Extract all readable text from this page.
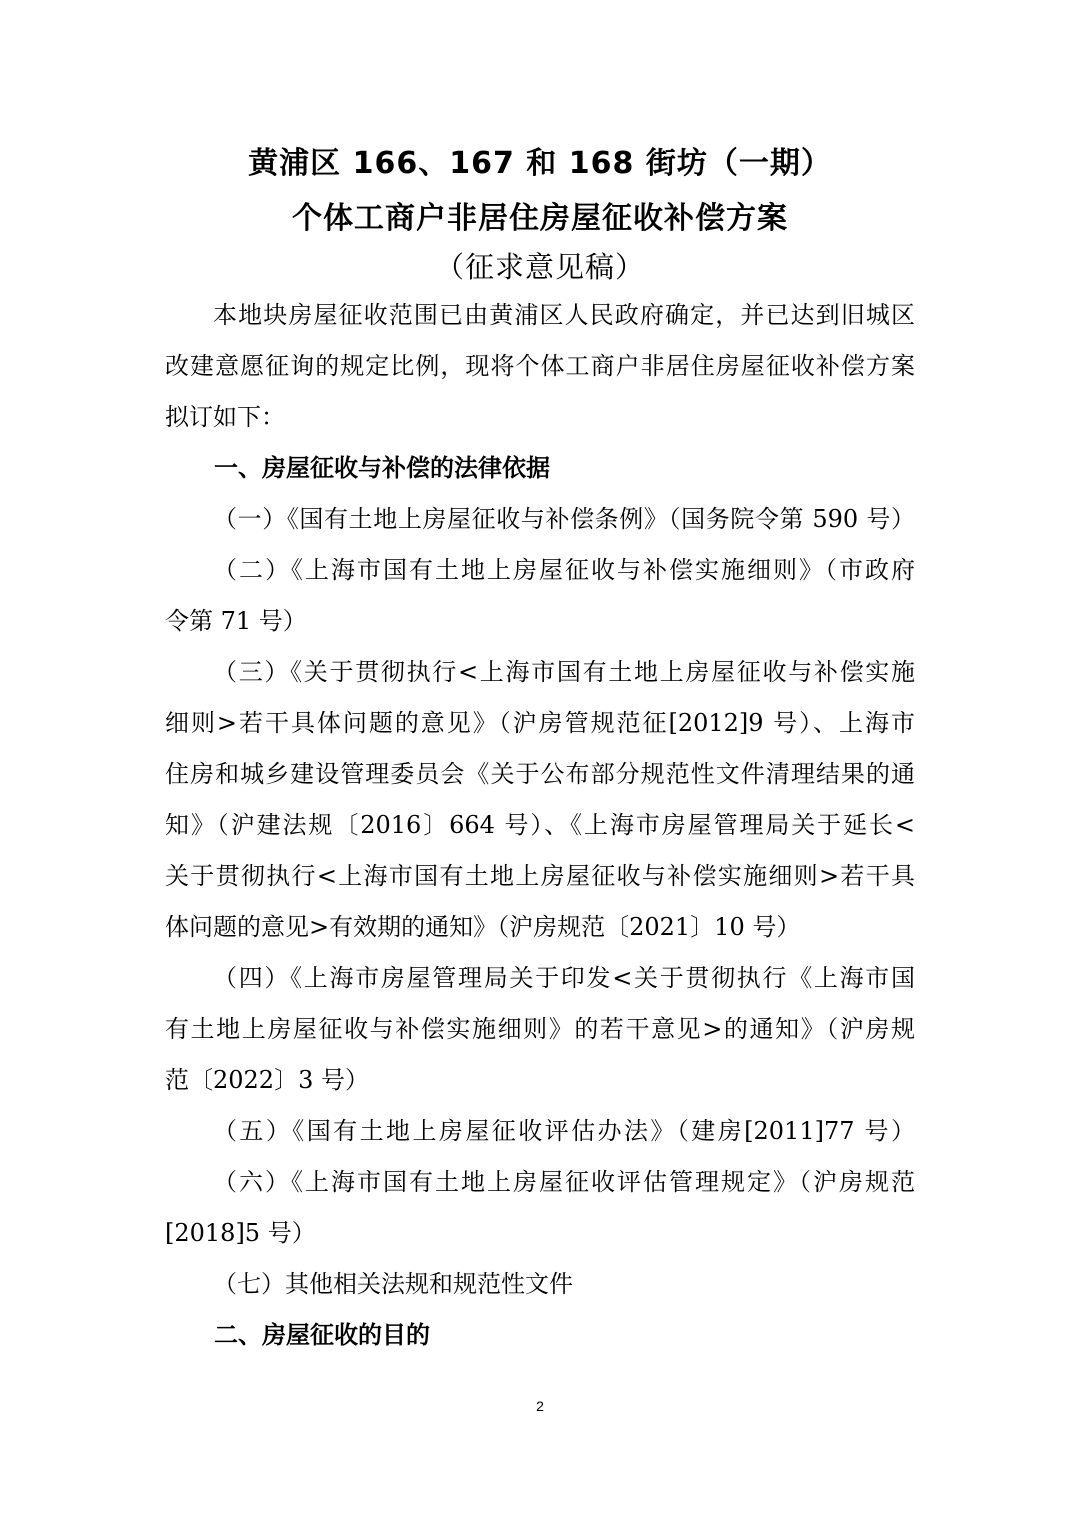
黄浦区 166、167 和 168 街坊（一期）
个体工商户非居住房屋征收补偿方案
（征求意见稿）
本地块房屋征收范围已由黄浦区人民政府确定，并已达到旧城区
改建意愿征询的规定比例，现将个体工商户非居住房屋征收补偿方案
拟订如下：
一、房屋征收与补偿的法律依据
（一）《国有土地上房屋征收与补偿条例》（国务院令第 590 号）
（二）《上海市国有土地上房屋征收与补偿实施细则》（市政府
令第 71 号）
（三）《关于贯彻执行<上海市国有土地上房屋征收与补偿实施
细则>若干具体问题的意见》（沪房管规范征[2012]9 号）、上海市
住房和城乡建设管理委员会《关于公布部分规范性文件清理结果的通
知》（沪建法规〔2016〕664 号）、《上海市房屋管理局关于延长<
关于贯彻执行<上海市国有土地上房屋征收与补偿实施细则>若干具
体问题的意见>有效期的通知》（沪房规范〔2021〕10 号）
（四）《上海市房屋管理局关于印发<关于贯彻执行《上海市国
有土地上房屋征收与补偿实施细则》的若干意见>的通知》（沪房规
范〔2022〕3 号）
（五）《国有土地上房屋征收评估办法》（建房[2011]77 号）
（六）《上海市国有土地上房屋征收评估管理规定》（沪房规范
[2018]5 号）
（七）其他相关法规和规范性文件
二、房屋征收的目的
2
